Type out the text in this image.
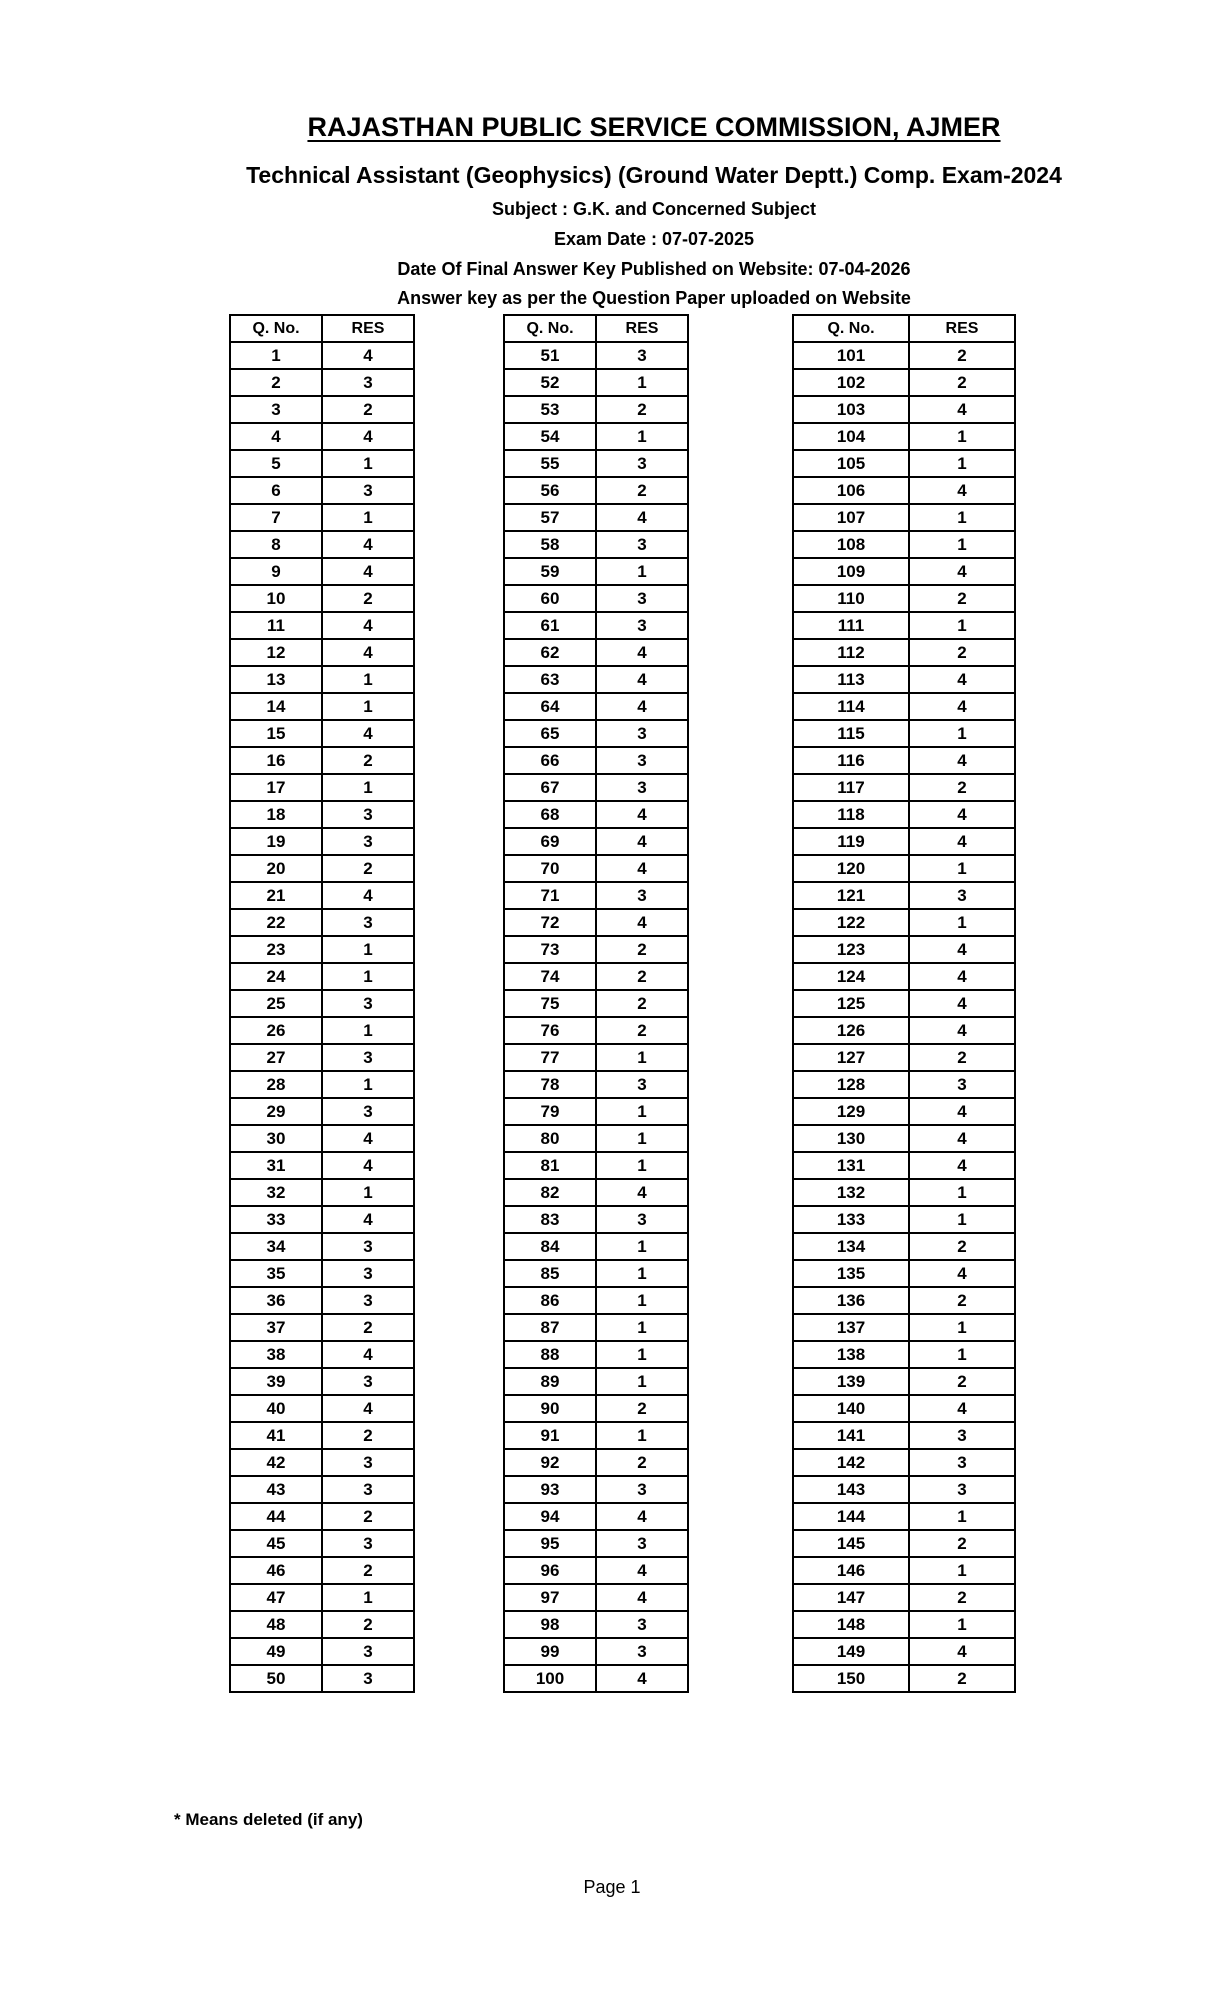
RAJASTHAN PUBLIC SERVICE COMMISSION, AJMER
Technical Assistant (Geophysics) (Ground Water Deptt.) Comp. Exam-2024
Subject : G.K. and Concerned Subject
Exam Date : 07-07-2025
Date Of Final Answer Key Published on Website: 07-04-2026
Answer key as per the Question Paper uploaded on Website
Q. No.	RES
1	4
2	3
3	2
4	4
5	1
6	3
7	1
8	4
9	4
10	2
11	4
12	4
13	1
14	1
15	4
16	2
17	1
18	3
19	3
20	2
21	4
22	3
23	1
24	1
25	3
26	1
27	3
28	1
29	3
30	4
31	4
32	1
33	4
34	3
35	3
36	3
37	2
38	4
39	3
40	4
41	2
42	3
43	3
44	2
45	3
46	2
47	1
48	2
49	3
50	3
Q. No.	RES
51	3
52	1
53	2
54	1
55	3
56	2
57	4
58	3
59	1
60	3
61	3
62	4
63	4
64	4
65	3
66	3
67	3
68	4
69	4
70	4
71	3
72	4
73	2
74	2
75	2
76	2
77	1
78	3
79	1
80	1
81	1
82	4
83	3
84	1
85	1
86	1
87	1
88	1
89	1
90	2
91	1
92	2
93	3
94	4
95	3
96	4
97	4
98	3
99	3
100	4
Q. No.	RES
101	2
102	2
103	4
104	1
105	1
106	4
107	1
108	1
109	4
110	2
111	1
112	2
113	4
114	4
115	1
116	4
117	2
118	4
119	4
120	1
121	3
122	1
123	4
124	4
125	4
126	4
127	2
128	3
129	4
130	4
131	4
132	1
133	1
134	2
135	4
136	2
137	1
138	1
139	2
140	4
141	3
142	3
143	3
144	1
145	2
146	1
147	2
148	1
149	4
150	2
* Means deleted (if any)
Page 1
